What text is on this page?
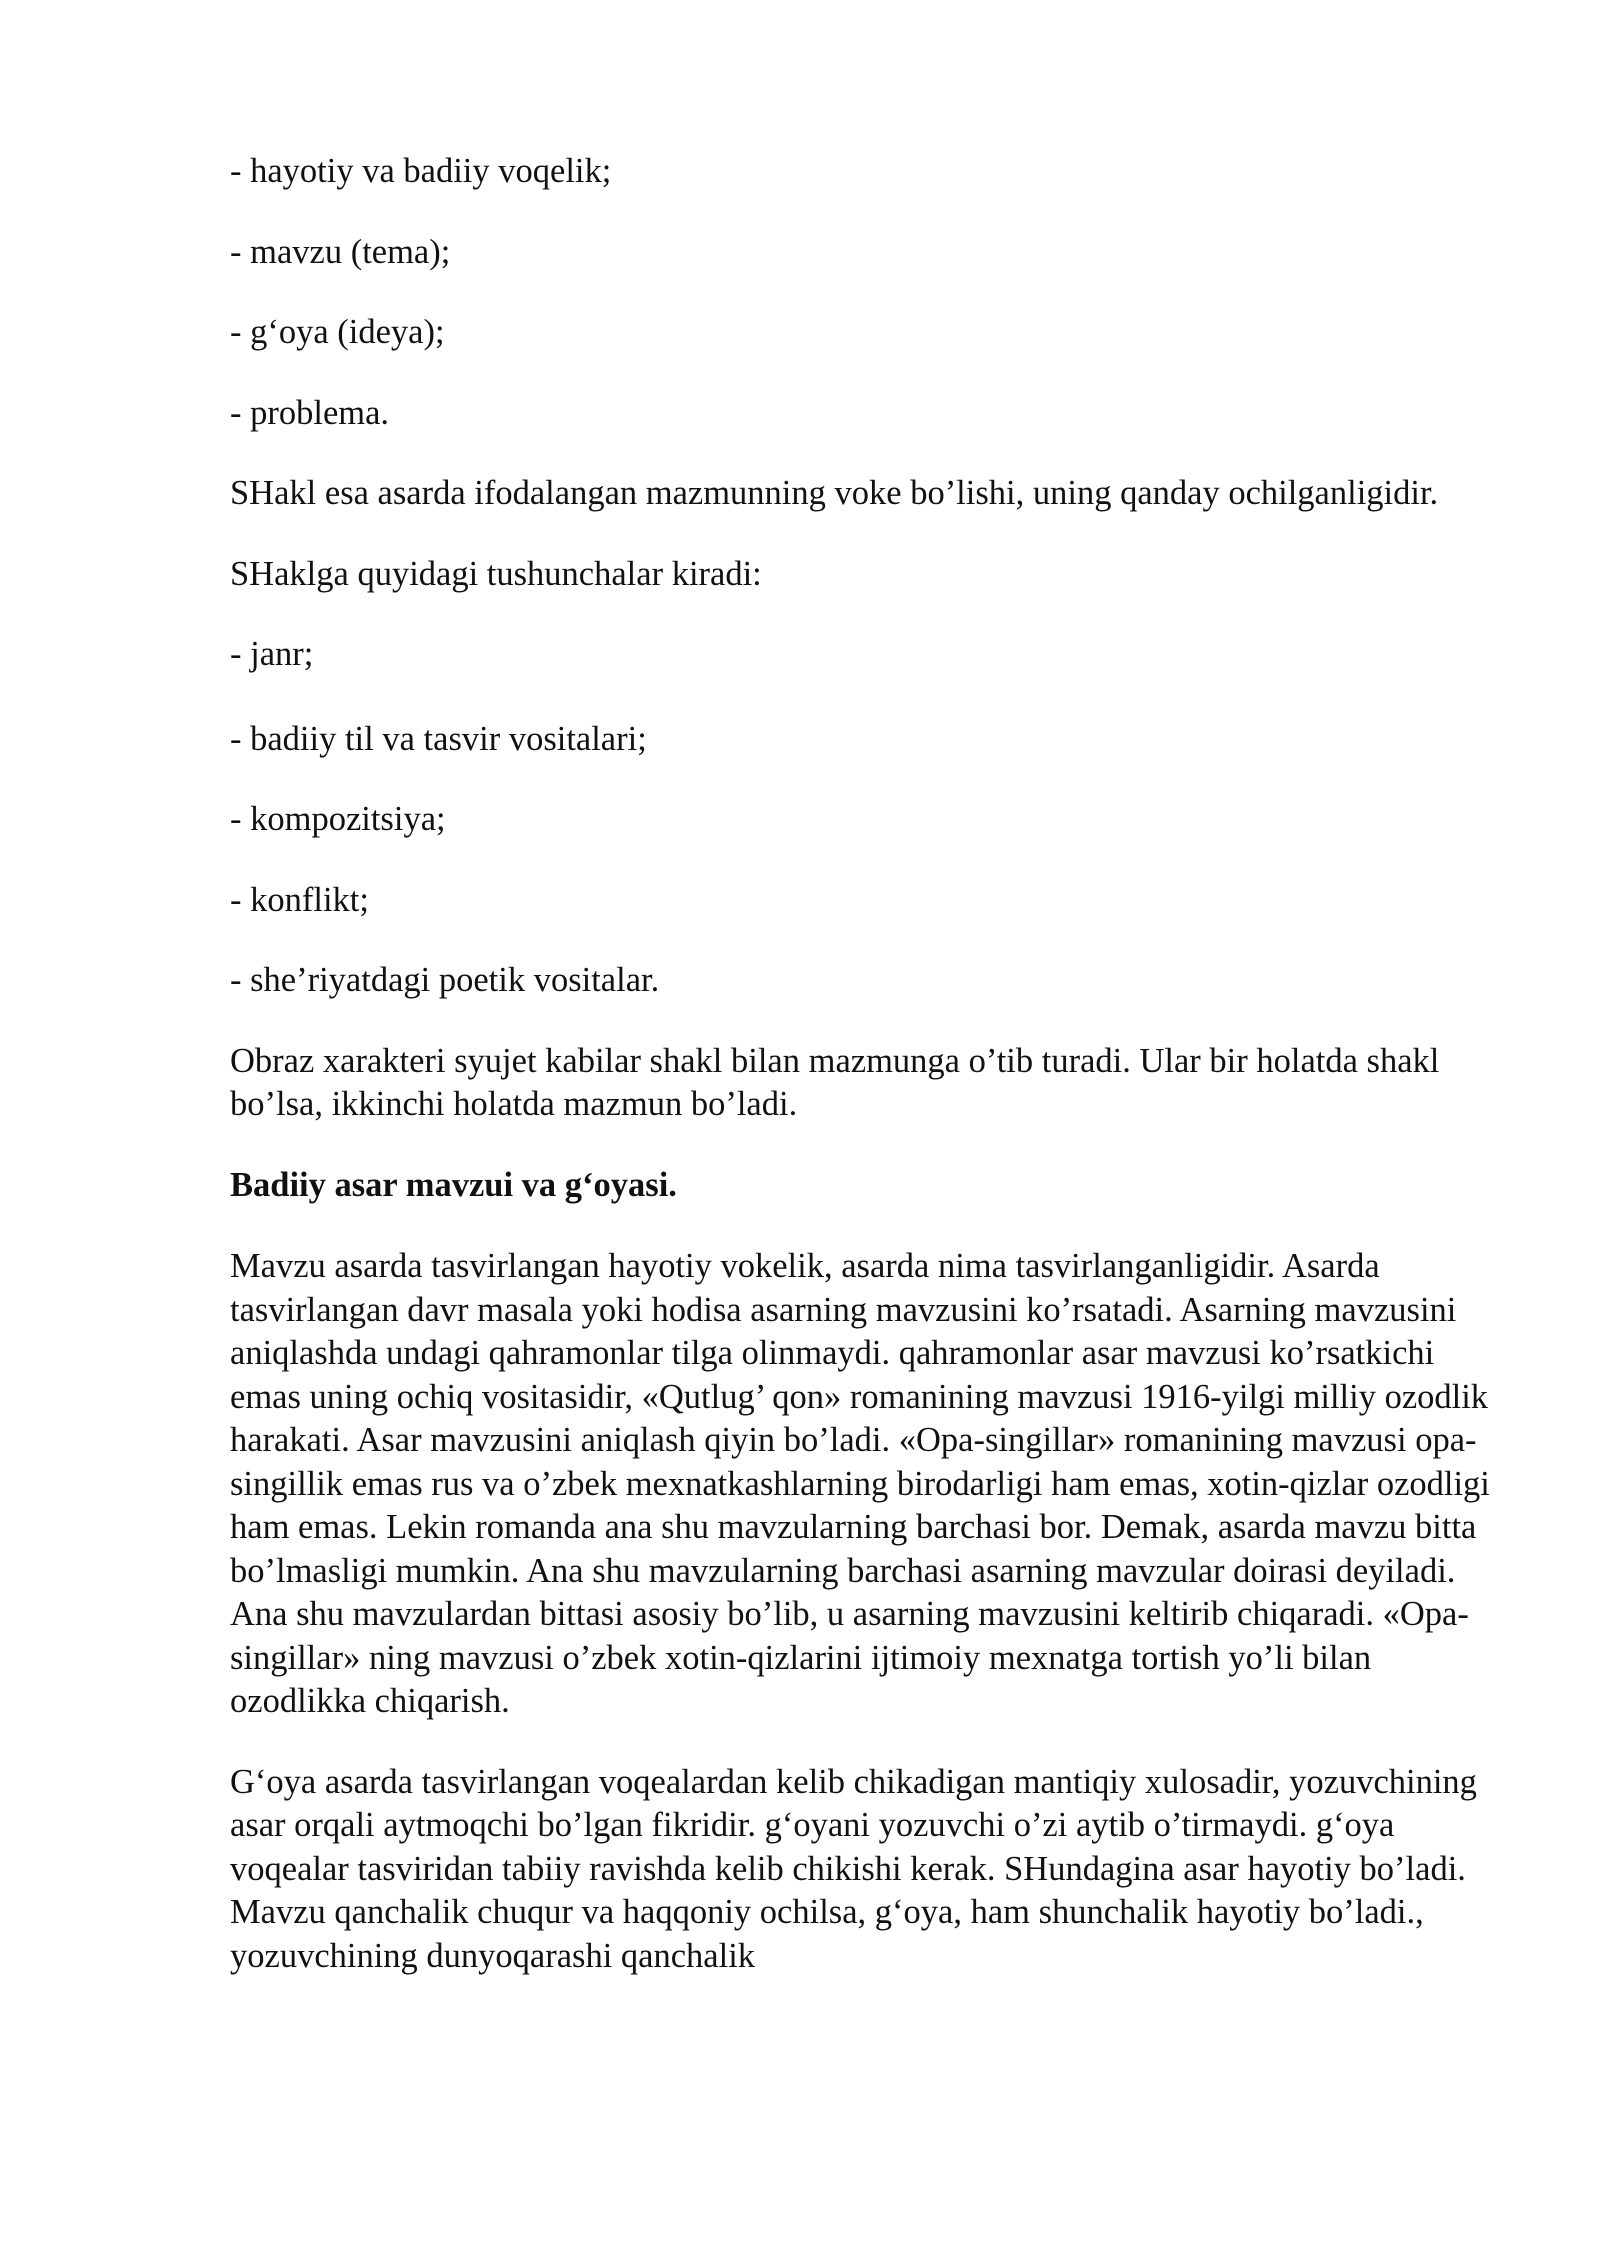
- hayotiy va badiiy voqelik;

- mavzu (tema);

- g‘oya (ideya);

- problema.

SHakl esa asarda ifodalangan mazmunning voke bo’lishi, uning qanday ochilganligidir.

SHaklga quyidagi tushunchalar kiradi:

- janr;

- badiiy til va tasvir vositalari;

- kompozitsiya;

- konflikt;

- she’riyatdagi poetik vositalar.

Obraz xarakteri syujet kabilar shakl bilan mazmunga o’tib turadi. Ular bir holatda shakl bo’lsa, ikkinchi holatda mazmun bo’ladi.

Badiiy asar mavzui va g‘oyasi.

Mavzu asarda tasvirlangan hayotiy vokelik, asarda nima tasvirlanganligidir. Asarda tasvirlangan davr masala yoki hodisa asarning mavzusini ko’rsatadi. Asarning mavzusini aniqlashda undagi qahramonlar tilga olinmaydi. qahramonlar asar mavzusi ko’rsatkichi emas uning ochiq vositasidir, «Qutlug’ qon» romanining mavzusi 1916-yilgi milliy ozodlik harakati. Asar mavzusini aniqlash qiyin bo’ladi. «Opa-singillar» romanining mavzusi opa-singillik emas rus va o’zbek mexnatkashlarning birodarligi ham emas, xotin-qizlar ozodligi ham emas. Lekin romanda ana shu mavzularning barchasi bor. Demak, asarda mavzu bitta bo’lmasligi mumkin. Ana shu mavzularning barchasi asarning mavzular doirasi deyiladi. Ana shu mavzulardan bittasi asosiy bo’lib, u asarning mavzusini keltirib chiqaradi. «Opa-singillar» ning mavzusi o’zbek xotin-qizlarini ijtimoiy mexnatga tortish yo’li bilan ozodlikka chiqarish.

G‘oya asarda tasvirlangan voqealardan kelib chikadigan mantiqiy xulosadir, yozuvchining asar orqali aytmoqchi bo’lgan fikridir. g‘oyani yozuvchi o’zi aytib o’tirmaydi. g‘oya voqealar tasviridan tabiiy ravishda kelib chikishi kerak. SHundagina asar hayotiy bo’ladi. Mavzu qanchalik chuqur va haqqoniy ochilsa, g‘oya, ham shunchalik hayotiy bo’ladi., yozuvchining dunyoqarashi qanchalik
